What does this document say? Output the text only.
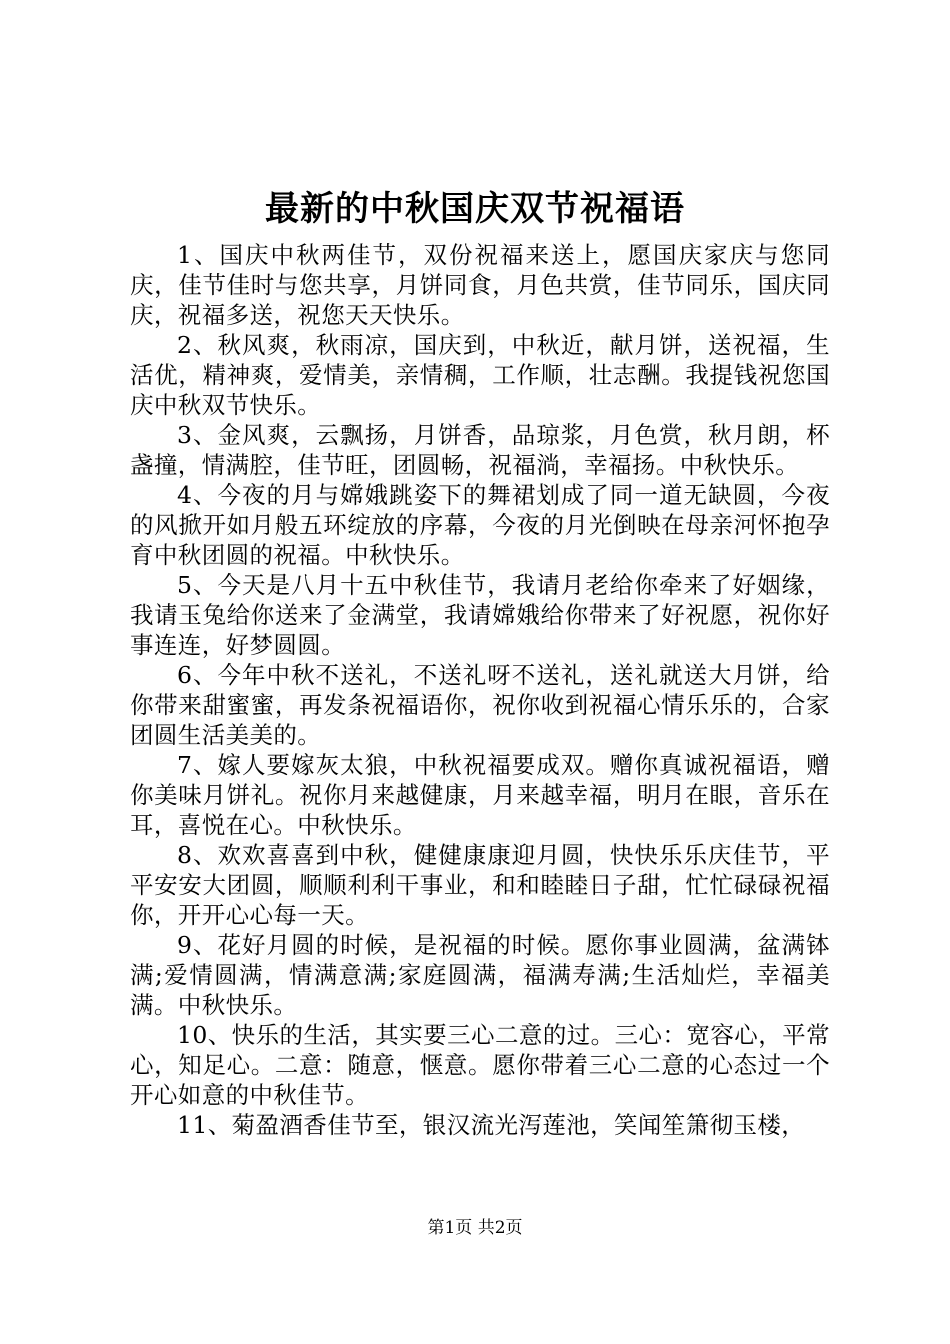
最新的中秋国庆双节祝福语

1、国庆中秋两佳节，双份祝福来送上，愿国庆家庆与您同庆，佳节佳时与您共享，月饼同食，月色共赏，佳节同乐，国庆同庆，祝福多送，祝您天天快乐。

2、秋风爽，秋雨凉，国庆到，中秋近，献月饼，送祝福，生活优，精神爽，爱情美，亲情稠，工作顺，壮志酬。我提钱祝您国庆中秋双节快乐。

3、金风爽，云飘扬，月饼香，品琼浆，月色赏，秋月朗，杯盏撞，情满腔，佳节旺，团圆畅，祝福淌，幸福扬。中秋快乐。

4、今夜的月与嫦娥跳姿下的舞裙划成了同一道无缺圆，今夜的风掀开如月般五环绽放的序幕，今夜的月光倒映在母亲河怀抱孕育中秋团圆的祝福。中秋快乐。

5、今天是八月十五中秋佳节，我请月老给你牵来了好姻缘，我请玉兔给你送来了金满堂，我请嫦娥给你带来了好祝愿，祝你好事连连，好梦圆圆。

6、今年中秋不送礼，不送礼呀不送礼，送礼就送大月饼，给你带来甜蜜蜜，再发条祝福语你，祝你收到祝福心情乐乐的，合家团圆生活美美的。

7、嫁人要嫁灰太狼，中秋祝福要成双。赠你真诚祝福语，赠你美味月饼礼。祝你月来越健康，月来越幸福，明月在眼，音乐在耳，喜悦在心。中秋快乐。

8、欢欢喜喜到中秋，健健康康迎月圆，快快乐乐庆佳节，平平安安大团圆，顺顺利利干事业，和和睦睦日子甜，忙忙碌碌祝福你，开开心心每一天。

9、花好月圆的时候，是祝福的时候。愿你事业圆满，盆满钵满;爱情圆满，情满意满;家庭圆满，福满寿满;生活灿烂，幸福美满。中秋快乐。

10、快乐的生活，其实要三心二意的过。三心：宽容心，平常心，知足心。二意：随意，惬意。愿你带着三心二意的心态过一个开心如意的中秋佳节。

11、菊盈酒香佳节至，银汉流光泻莲池，笑闻笙箫彻玉楼，

第1页 共2页
